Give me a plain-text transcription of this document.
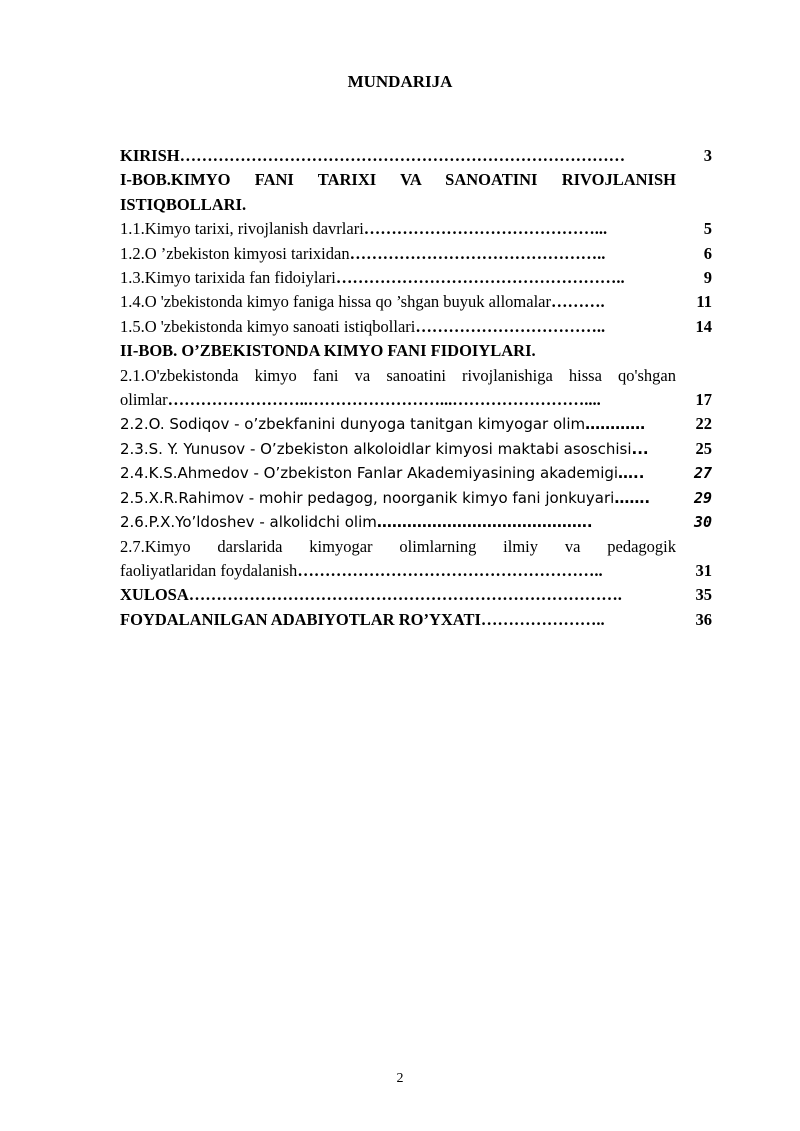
MUNDARIJA
KIRISH………………………………………………………………………	3
I-BOB.KIMYO FANI TARIXI VA SANOATINI RIVOJLANISH ISTIQBOLLARI.
1.1.Kimyo tarixi, rivojlanish davrlari……………………………………...	5
1.2.O ’zbekiston kimyosi tarixidan………………………………………..	6
1.3.Kimyo tarixida fan fidoiylari……………………………………………..	9
1.4.O 'zbekistonda kimyo faniga hissa qo ’shgan buyuk allomalar……….	11
1.5.O 'zbekistonda kimyo sanoati istiqbollari……………………………..	14
II-BOB. O’ZBEKISTONDA KIMYO FANI FIDOIYLARI.
2.1.O'zbekistonda kimyo fani va sanoatini rivojlanishiga hissa qo'shgan
olimlar……………………..……………………...……………………....	17
2.2.O. Sodiqov - o’zbekfanini dunyoga tanitgan kimyogar olim…………	22
2.3.S. Y. Yunusov - O’zbekiston alkoloidlar kimyosi maktabi asoschisi...	25
2.4.K.S.Ahmedov - O’zbekiston Fanlar Akademiyasining akademigi…..	27
2.5.X.R.Rahimov - mohir pedagog, noorganik kimyo fani jonkuyari…….	29
2.6.P.X.Yo’ldoshev - alkolidchi olim…………………………………….	30
2.7.Kimyo darslarida kimyogar olimlarning ilmiy va pedagogik
faoliyatlaridan foydalanish………………………………………………..	31
XULOSA…………………………………………………………………….	35
FOYDALANILGAN ADABIYOTLAR RO’YXATI…………………..	36
2
